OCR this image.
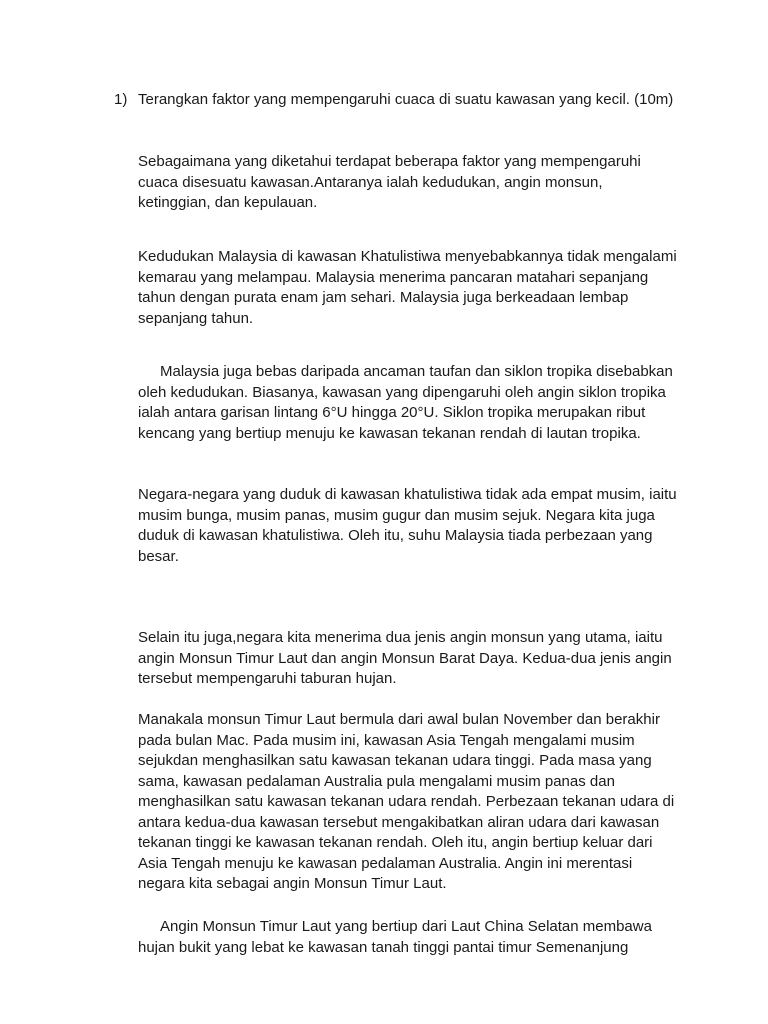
1) Terangkan faktor yang mempengaruhi cuaca di suatu kawasan yang kecil. (10m)

Sebagaimana yang diketahui terdapat beberapa faktor yang mempengaruhi cuaca disesuatu kawasan.Antaranya ialah kedudukan, angin monsun, ketinggian, dan kepulauan.

Kedudukan Malaysia di kawasan Khatulistiwa menyebabkannya tidak mengalami kemarau yang melampau. Malaysia menerima pancaran matahari sepanjang tahun dengan purata enam jam sehari. Malaysia juga berkeadaan lembap sepanjang tahun.

Malaysia juga bebas daripada ancaman taufan dan siklon tropika disebabkan oleh kedudukan. Biasanya, kawasan yang dipengaruhi oleh angin siklon tropika ialah antara garisan lintang 6°U hingga 20°U. Siklon tropika merupakan ribut kencang yang bertiup menuju ke kawasan tekanan rendah di lautan tropika.

Negara-negara yang duduk di kawasan khatulistiwa tidak ada empat musim, iaitu musim bunga, musim panas, musim gugur dan musim sejuk. Negara kita juga duduk di kawasan khatulistiwa. Oleh itu, suhu Malaysia tiada perbezaan yang besar.

Selain itu juga,negara kita menerima dua jenis angin monsun yang utama, iaitu angin Monsun Timur Laut dan angin Monsun Barat Daya. Kedua-dua jenis angin tersebut mempengaruhi taburan hujan.

Manakala monsun Timur Laut bermula dari awal bulan November dan berakhir pada bulan Mac. Pada musim ini, kawasan Asia Tengah mengalami musim sejukdan menghasilkan satu kawasan tekanan udara tinggi. Pada masa yang sama, kawasan pedalaman Australia pula mengalami musim panas dan menghasilkan satu kawasan tekanan udara rendah. Perbezaan tekanan udara di antara kedua-dua kawasan tersebut mengakibatkan aliran udara dari kawasan tekanan tinggi ke kawasan tekanan rendah. Oleh itu, angin bertiup keluar dari Asia Tengah menuju ke kawasan pedalaman Australia. Angin ini merentasi negara kita sebagai angin Monsun Timur Laut.

Angin Monsun Timur Laut yang bertiup dari Laut China Selatan membawa hujan bukit yang lebat ke kawasan tanah tinggi pantai timur Semenanjung
